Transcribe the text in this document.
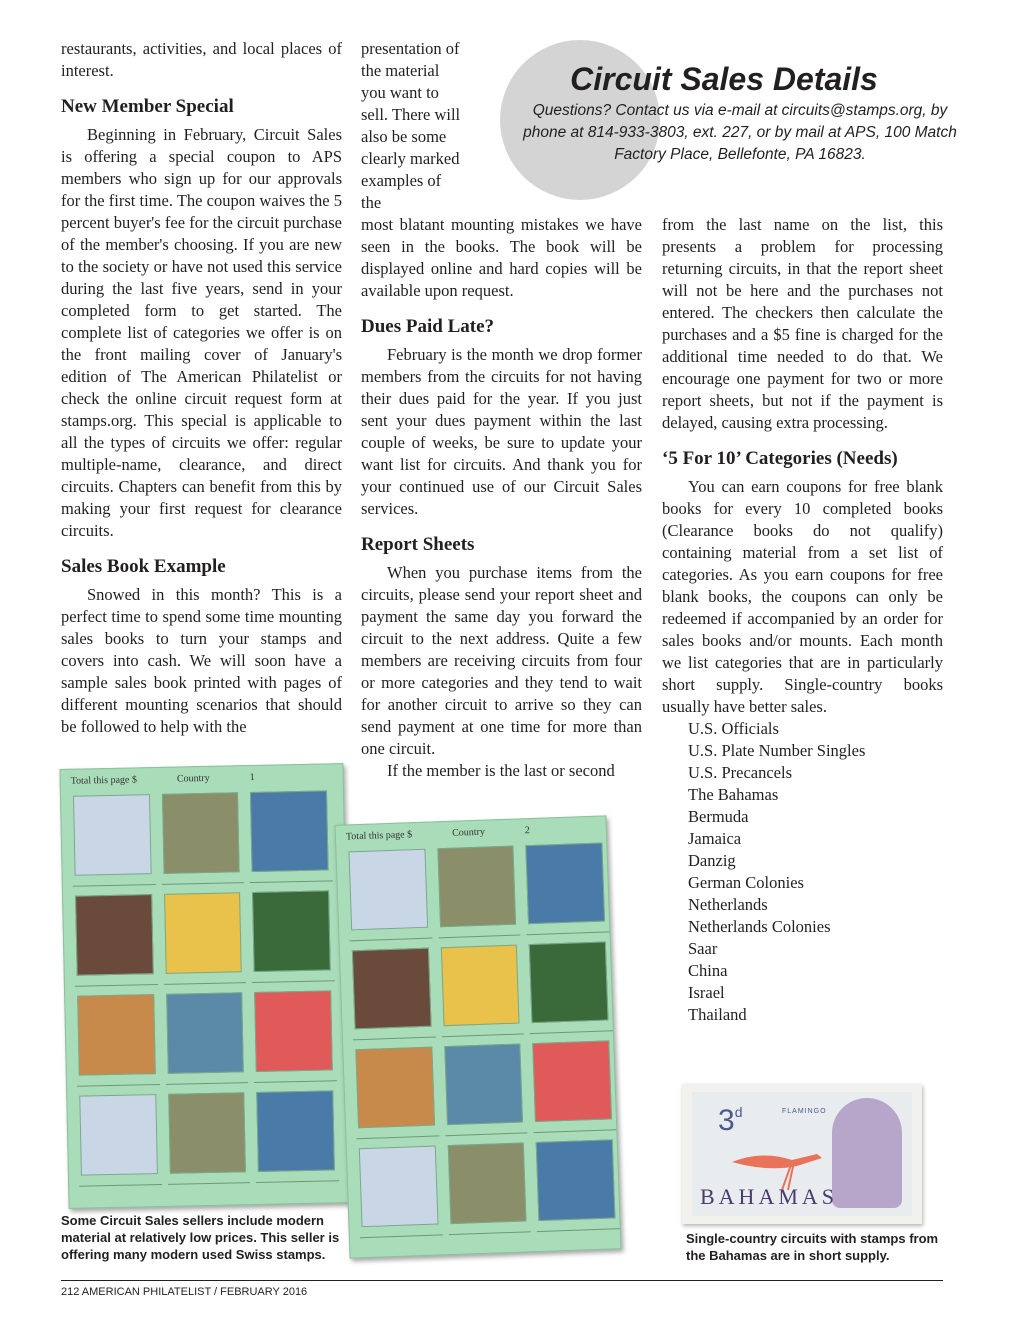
restaurants, activities, and local places of interest.

New Member Special

Beginning in February, Circuit Sales is offering a special coupon to APS members who sign up for our approvals for the first time. The coupon waives the 5 percent buyer's fee for the circuit purchase of the member's choosing. If you are new to the society or have not used this service during the last five years, send in your completed form to get started. The complete list of categories we offer is on the front mailing cover of January's edition of The American Philatelist or check the online circuit request form at stamps.org. This special is applicable to all the types of circuits we offer: regular multiple-name, clearance, and direct circuits. Chapters can benefit from this by making your first request for clearance circuits.

Sales Book Example

Snowed in this month? This is a perfect time to spend some time mounting sales books to turn your stamps and covers into cash. We will soon have a sample sales book printed with pages of different mounting scenarios that should be followed to help with the

presentation of the material you want to sell. There will also be some clearly marked examples of the

Circuit Sales Details
Questions? Contact us via e-mail at circuits@stamps.org, by phone at 814-933-3803, ext. 227, or by mail at APS, 100 Match Factory Place, Bellefonte, PA 16823.

most blatant mounting mistakes we have seen in the books. The book will be displayed online and hard copies will be available upon request.

Dues Paid Late?

February is the month we drop former members from the circuits for not having their dues paid for the year. If you just sent your dues payment within the last couple of weeks, be sure to update your want list for circuits. And thank you for your continued use of our Circuit Sales services.

Report Sheets

When you purchase items from the circuits, please send your report sheet and payment the same day you forward the circuit to the next address. Quite a few members are receiving circuits from four or more categories and they tend to wait for another circuit to arrive so they can send payment at one time for more than one circuit.

If the member is the last or second

from the last name on the list, this presents a problem for processing returning circuits, in that the report sheet will not be here and the purchases not entered. The checkers then calculate the purchases and a $5 fine is charged for the additional time needed to do that. We encourage one payment for two or more report sheets, but not if the payment is delayed, causing extra processing.

‘5 For 10’ Categories (Needs)

You can earn coupons for free blank books for every 10 completed books (Clearance books do not qualify) containing material from a set list of categories. As you earn coupons for free blank books, the coupons can only be redeemed if accompanied by an order for sales books and/or mounts. Each month we list categories that are in particularly short supply. Single-country books usually have better sales.

U.S. Officials
U.S. Plate Number Singles
U.S. Precancels
The Bahamas
Bermuda
Jamaica
Danzig
German Colonies
Netherlands
Netherlands Colonies
Saar
China
Israel
Thailand
Total this page $	Country	1
Total this page $	Country	2
Some Circuit Sales sellers include modern material at relatively low prices. This seller is offering many modern used Swiss stamps.
3$^d$	FLAMINGO
BAHAMAS
Single-country circuits with stamps from the Bahamas are in short supply.
212 AMERICAN PHILATELIST / FEBRUARY 2016
